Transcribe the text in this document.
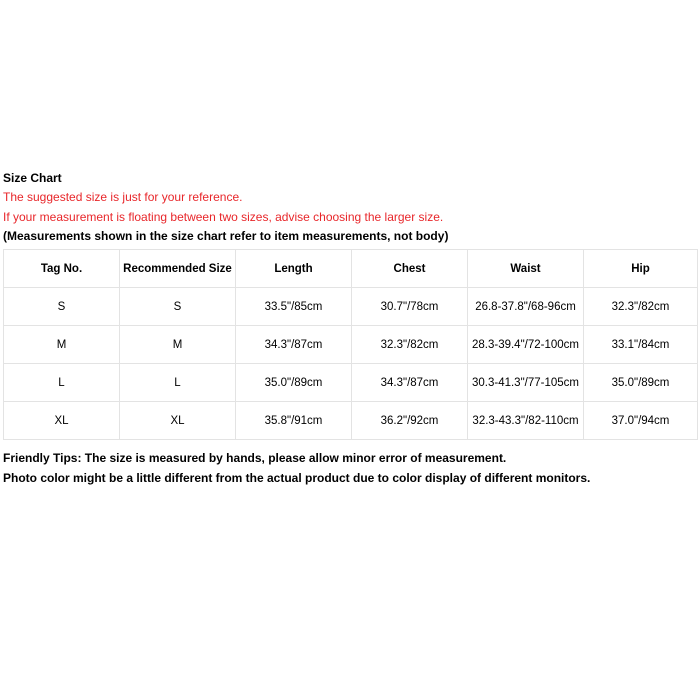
Size Chart
The suggested size is just for your reference.
If your measurement is floating between two sizes, advise choosing the larger size.
(Measurements shown in the size chart refer to item measurements, not body)
Tag No.	Recommended Size	Length	Chest	Waist	Hip
S	S	33.5"/85cm	30.7"/78cm	26.8-37.8"/68-96cm	32.3"/82cm
M	M	34.3"/87cm	32.3"/82cm	28.3-39.4"/72-100cm	33.1"/84cm
L	L	35.0"/89cm	34.3"/87cm	30.3-41.3"/77-105cm	35.0"/89cm
XL	XL	35.8"/91cm	36.2"/92cm	32.3-43.3"/82-110cm	37.0"/94cm
Friendly Tips: The size is measured by hands, please allow minor error of measurement.
Photo color might be a little different from the actual product due to color display of different monitors.
